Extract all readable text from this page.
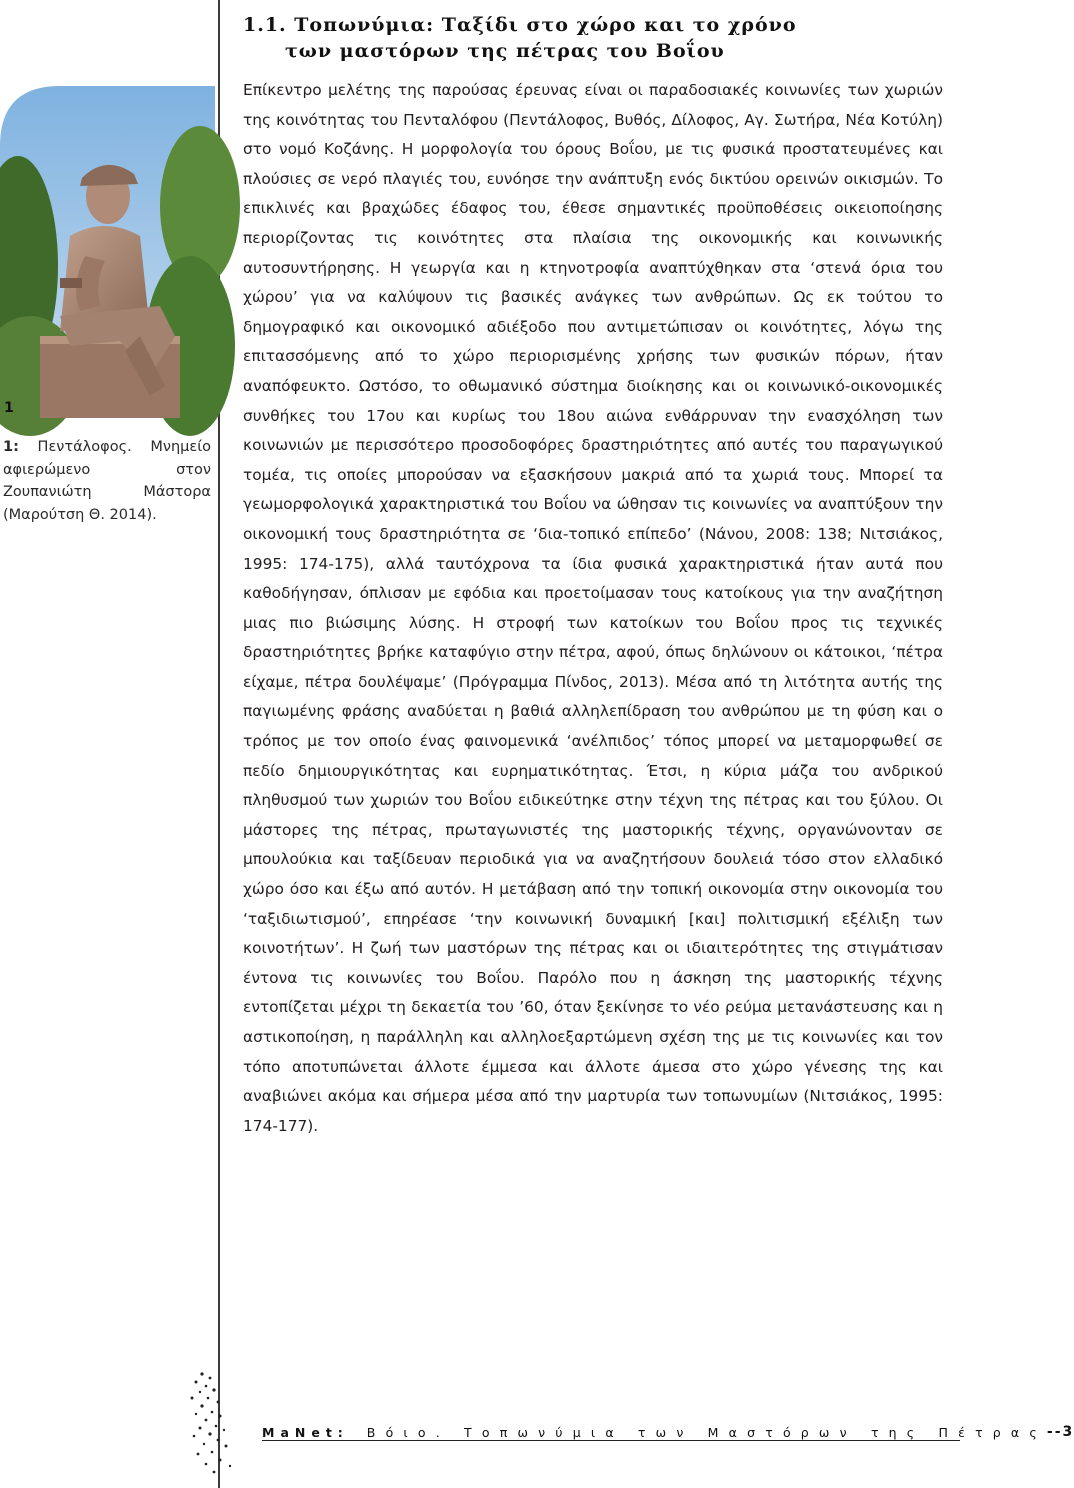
1
1: Πεντάλοφος. Μνημείο αφιερώμενο στον Ζουπανιώτη Μάστορα (Μαρούτση Θ. 2014).
1.1. Τοπωνύμια: Ταξίδι στο χώρο και το χρόνο
των μαστόρων της πέτρας του Βοΐου
Επίκεντρο μελέτης της παρούσας έρευνας είναι οι παραδοσιακές κοινωνίες των χωριών της κοινότητας του Πενταλόφου (Πεντάλοφος, Βυθός, Δίλοφος, Αγ. Σωτήρα, Νέα Κοτύλη) στο νομό Κοζάνης. Η μορφολογία του όρους Βοΐου, με τις φυσικά προστατευμένες και πλούσιες σε νερό πλαγιές του, ευνόησε την ανάπτυξη ενός δικτύου ορεινών οικισμών. Το επικλινές και βραχώδες έδαφος του, έθεσε σημαντικές προϋποθέσεις οικειοποίησης περιορίζοντας τις κοινότητες στα πλαίσια της οικονομικής και κοινωνικής αυτοσυντήρησης. Η γεωργία και η κτηνοτροφία αναπτύχθηκαν στα ‘στενά όρια του χώρου’ για να καλύψουν τις βασικές ανάγκες των ανθρώπων. Ως εκ τούτου το δημογραφικό και οικονομικό αδιέξοδο που αντιμετώπισαν οι κοινότητες, λόγω της επιτασσόμενης από το χώρο περιορισμένης χρήσης των φυσικών πόρων, ήταν αναπόφευκτο. Ωστόσο, το οθωμανικό σύστημα διοίκησης και οι κοινωνικό-οικονομικές συνθήκες του 17ου και κυρίως του 18ου αιώνα ενθάρρυναν την ενασχόληση των κοινωνιών με περισσότερο προσοδοφόρες δραστηριότητες από αυτές του παραγωγικού τομέα, τις οποίες μπορούσαν να εξασκήσουν μακριά από τα χωριά τους. Μπορεί τα γεωμορφολογικά χαρακτηριστικά του Βοΐου να ώθησαν τις κοινωνίες να αναπτύξουν την οικονομική τους δραστηριότητα σε ‘δια-τοπικό επίπεδο’ (Νάνου, 2008: 138; Νιτσιάκος, 1995: 174-175), αλλά ταυτόχρονα τα ίδια φυσικά χαρακτηριστικά ήταν αυτά που καθοδήγησαν, όπλισαν με εφόδια και προετοίμασαν τους κατοίκους για την αναζήτηση μιας πιο βιώσιμης λύσης. Η στροφή των κατοίκων του Βοΐου προς τις τεχνικές δραστηριότητες βρήκε καταφύγιο στην πέτρα, αφού, όπως δηλώνουν οι κάτοικοι, ‘πέτρα είχαμε, πέτρα δουλέψαμε’ (Πρόγραμμα Πίνδος, 2013). Μέσα από τη λιτότητα αυτής της παγιωμένης φράσης αναδύεται η βαθιά αλληλεπίδραση του ανθρώπου με τη φύση και ο τρόπος με τον οποίο ένας φαινομενικά ‘ανέλπιδος’ τόπος μπορεί να μεταμορφωθεί σε πεδίο δημιουργικότητας και ευρηματικότητας. Έτσι, η κύρια μάζα του ανδρικού πληθυσμού των χωριών του Βοΐου ειδικεύτηκε στην τέχνη της πέτρας και του ξύλου. Οι μάστορες της πέτρας, πρωταγωνιστές της μαστορικής τέχνης, οργανώνονταν σε μπουλούκια και ταξίδευαν περιοδικά για να αναζητήσουν δουλειά τόσο στον ελλαδικό χώρο όσο και έξω από αυτόν. Η μετάβαση από την τοπική οικονομία στην οικονομία του ‘ταξιδιωτισμού’, επηρέασε ‘την κοινωνική δυναμική [και] πολιτισμική εξέλιξη των κοινοτήτων’. Η ζωή των μαστόρων της πέτρας και οι ιδιαιτερότητες της στιγμάτισαν έντονα τις κοινωνίες του Βοΐου. Παρόλο που η άσκηση της μαστορικής τέχνης εντοπίζεται μέχρι τη δεκαετία του ’60, όταν ξεκίνησε το νέο ρεύμα μετανάστευσης και η αστικοποίηση, η παράλληλη και αλληλοεξαρτώμενη σχέση της με τις κοινωνίες και τον τόπο αποτυπώνεται άλλοτε έμμεσα και άλλοτε άμεσα στο χώρο γένεσης της και αναβιώνει ακόμα και σήμερα μέσα από την μαρτυρία των τοπωνυμίων (Νιτσιάκος, 1995: 174-177).
MaNet: Βόιο. Τοπωνύμια των Μαστόρων της Πέτρας --3
